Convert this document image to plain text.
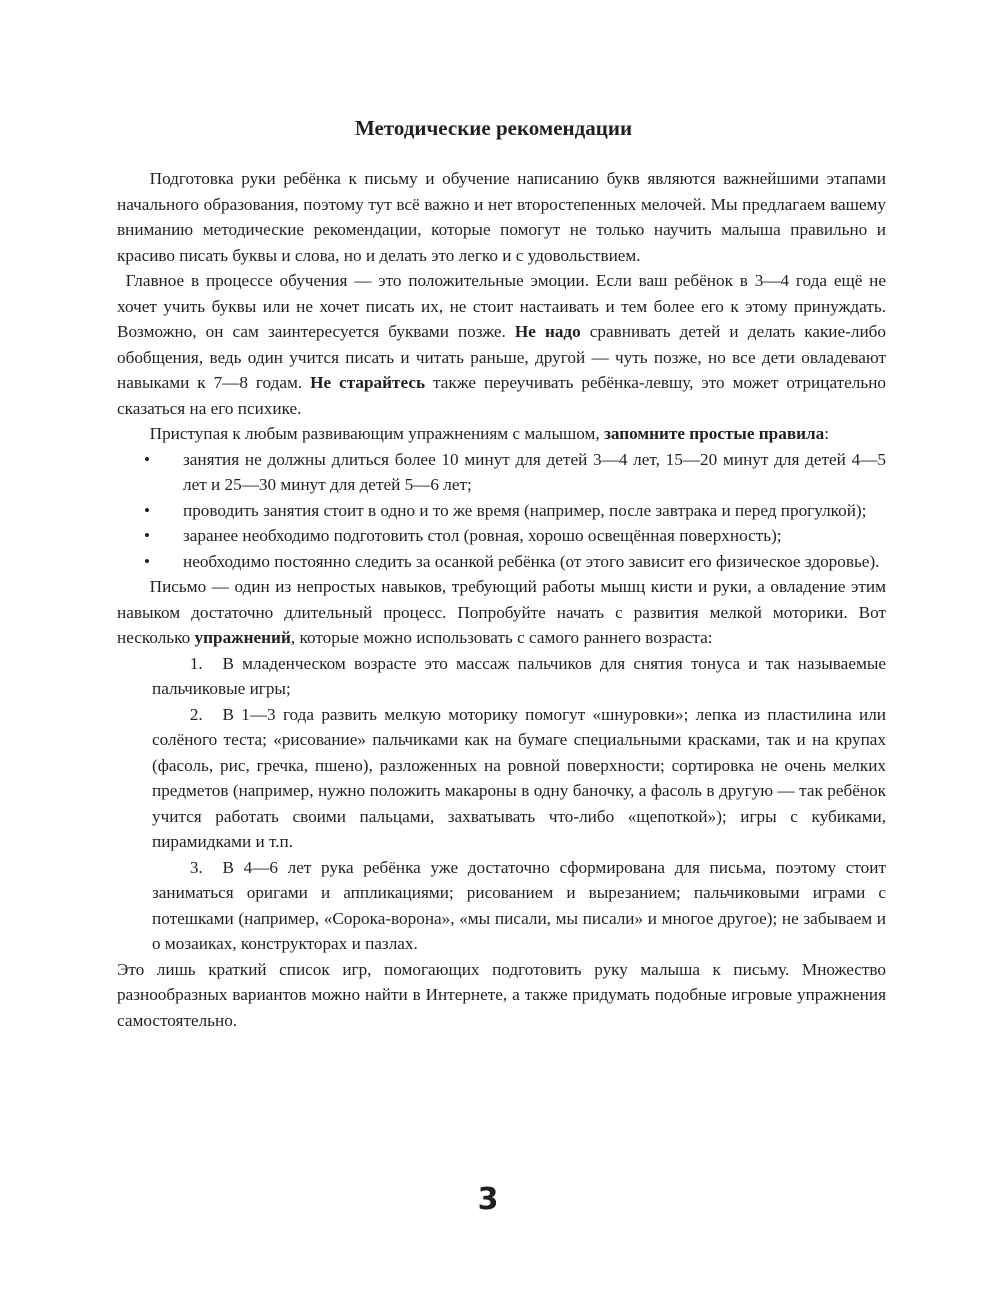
Методические рекомендации

Подготовка руки ребёнка к письму и обучение написанию букв являются важнейшими этапами начального образования, поэтому тут всё важно и нет второстепенных мелочей. Мы предлагаем вашему вниманию методические рекомендации, которые помогут не только научить малыша правильно и красиво писать буквы и слова, но и делать это легко и с удовольствием.

Главное в процессе обучения — это положительные эмоции. Если ваш ребёнок в 3—4 года ещё не хочет учить буквы или не хочет писать их, не стоит настаивать и тем более его к этому принуждать. Возможно, он сам заинтересуется буквами позже. Не надо сравнивать детей и делать какие-либо обобщения, ведь один учится писать и читать раньше, другой — чуть позже, но все дети овладевают навыками к 7—8 годам. Не старайтесь также переучивать ребёнка-левшу, это может отрицательно сказаться на его психике.

Приступая к любым развивающим упражнениям с малышом, запомните простые правила:

• занятия не должны длиться более 10 минут для детей 3—4 лет, 15—20 минут для детей 4—5 лет и 25—30 минут для детей 5—6 лет;
• проводить занятия стоит в одно и то же время (например, после завтрака и перед прогулкой);
• заранее необходимо подготовить стол (ровная, хорошо освещённая поверхность);
• необходимо постоянно следить за осанкой ребёнка (от этого зависит его физическое здоровье).

Письмо — один из непростых навыков, требующий работы мышц кисти и руки, а овладение этим навыком достаточно длительный процесс. Попробуйте начать с развития мелкой моторики. Вот несколько упражнений, которые можно использовать с самого раннего возраста:

1. В младенческом возрасте это массаж пальчиков для снятия тонуса и так называемые пальчиковые игры;
2. В 1—3 года развить мелкую моторику помогут «шнуровки»; лепка из пластилина или солёного теста; «рисование» пальчиками как на бумаге специальными красками, так и на крупах (фасоль, рис, гречка, пшено), разложенных на ровной поверхности; сортировка не очень мелких предметов (например, нужно положить макароны в одну баночку, а фасоль в другую — так ребёнок учится работать своими пальцами, захватывать что-либо «щепоткой»); игры с кубиками, пирамидками и т.п.
3. В 4—6 лет рука ребёнка уже достаточно сформирована для письма, поэтому стоит заниматься оригами и аппликациями; рисованием и вырезанием; пальчиковыми играми с потешками (например, «Сорока-ворона», «мы писали, мы писали» и многое другое); не забываем и о мозаиках, конструкторах и пазлах.

Это лишь краткий список игр, помогающих подготовить руку малыша к письму. Множество разнообразных вариантов можно найти в Интернете, а также придумать подобные игровые упражнения самостоятельно.

3
